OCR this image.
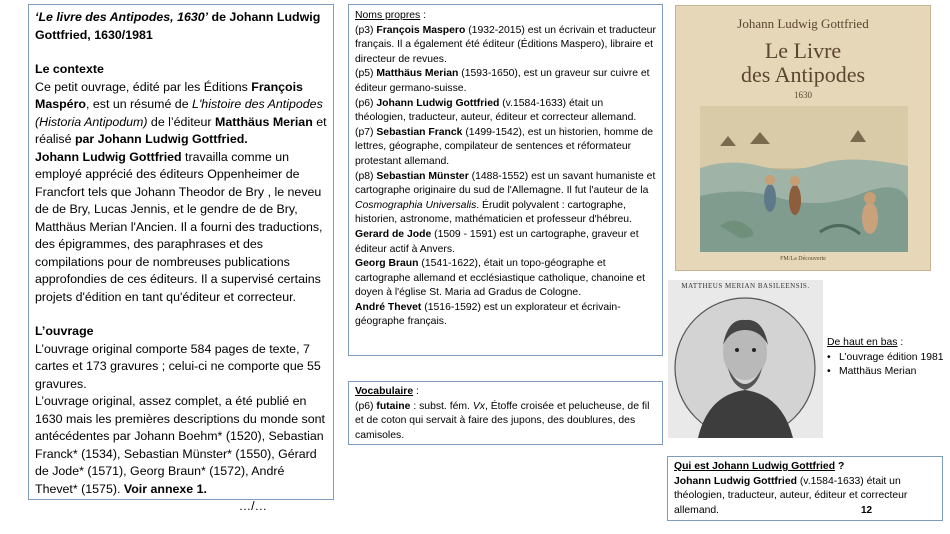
‘Le livre des Antipodes, 1630’ de Johann Ludwig Gottfried, 1630/1981

Le contexte

Ce petit ouvrage, édité par les Éditions François Maspéro, est un résumé de L'histoire des Antipodes (Historia Antipodum) de l’éditeur Matthäus Merian et réalisé par Johann Ludwig Gottfried.

Johann Ludwig Gottfried travailla comme un employé apprécié des éditeurs Oppenheimer de Francfort tels que Johann Theodor de Bry , le neveu de de Bry, Lucas Jennis, et le gendre de de Bry, Matthäus Merian l'Ancien. Il a fourni des traductions, des épigrammes, des paraphrases et des compilations pour de nombreuses publications approfondies de ces éditeurs. Il a supervisé certains projets d'édition en tant qu'éditeur et correcteur.

L’ouvrage

L’ouvrage original comporte 584 pages de texte, 7 cartes et 173 gravures ; celui-ci ne comporte que 55 gravures.

L’ouvrage original, assez complet, a été publié en 1630 mais les premières descriptions du monde sont antécédentes par Johann Boehm* (1520), Sebastian Franck* (1534), Sebastian Münster* (1550), Gérard de Jode* (1571), Georg Braun* (1572), André Thevet* (1575). Voir annexe 1.

…/…

Noms propres :

(p3) François Maspero (1932-2015) est un écrivain et traducteur français. Il a également été éditeur (Éditions Maspero), libraire et directeur de revues.

(p5) Matthäus Merian (1593-1650), est un graveur sur cuivre et éditeur germano-suisse.

(p6) Johann Ludwig Gottfried (v.1584-1633) était un théologien, traducteur, auteur, éditeur et correcteur allemand.

(p7) Sebastian Franck (1499-1542), est un historien, homme de lettres, géographe, compilateur de sentences et réformateur protestant allemand.

(p8) Sebastian Münster (1488-1552) est un savant humaniste et cartographe originaire du sud de l'Allemagne. Il fut l'auteur de la Cosmographia Universalis. Érudit polyvalent : cartographe, historien, astronome, mathématicien et professeur d'hébreu.

Gerard de Jode (1509 - 1591) est un cartographe, graveur et éditeur actif à Anvers.

Georg Braun (1541-1622), était un topo-géographe et cartographe allemand et ecclésiastique catholique, chanoine et doyen à l'église St. Maria ad Gradus de Cologne.

André Thevet (1516-1592) est un explorateur et écrivain-géographe français.

Vocabulaire :

(p6) futaine : subst. fém. Vx, Étoffe croisée et pelucheuse, de fil et de coton qui servait à faire des jupons, des doublures, des camisoles.

Johann Ludwig Gottfried
Le Livre
des Antipodes
1630
FM/La Découverte
MATTHEUS MERIAN BASILEENSIS.
De haut en bas :
• L’ouvrage édition 1981
• Matthäus Merian

Qui est Johann Ludwig Gottfried ?

Johann Ludwig Gottfried (v.1584-1633) était un théologien, traducteur, auteur, éditeur et correcteur allemand.	12
